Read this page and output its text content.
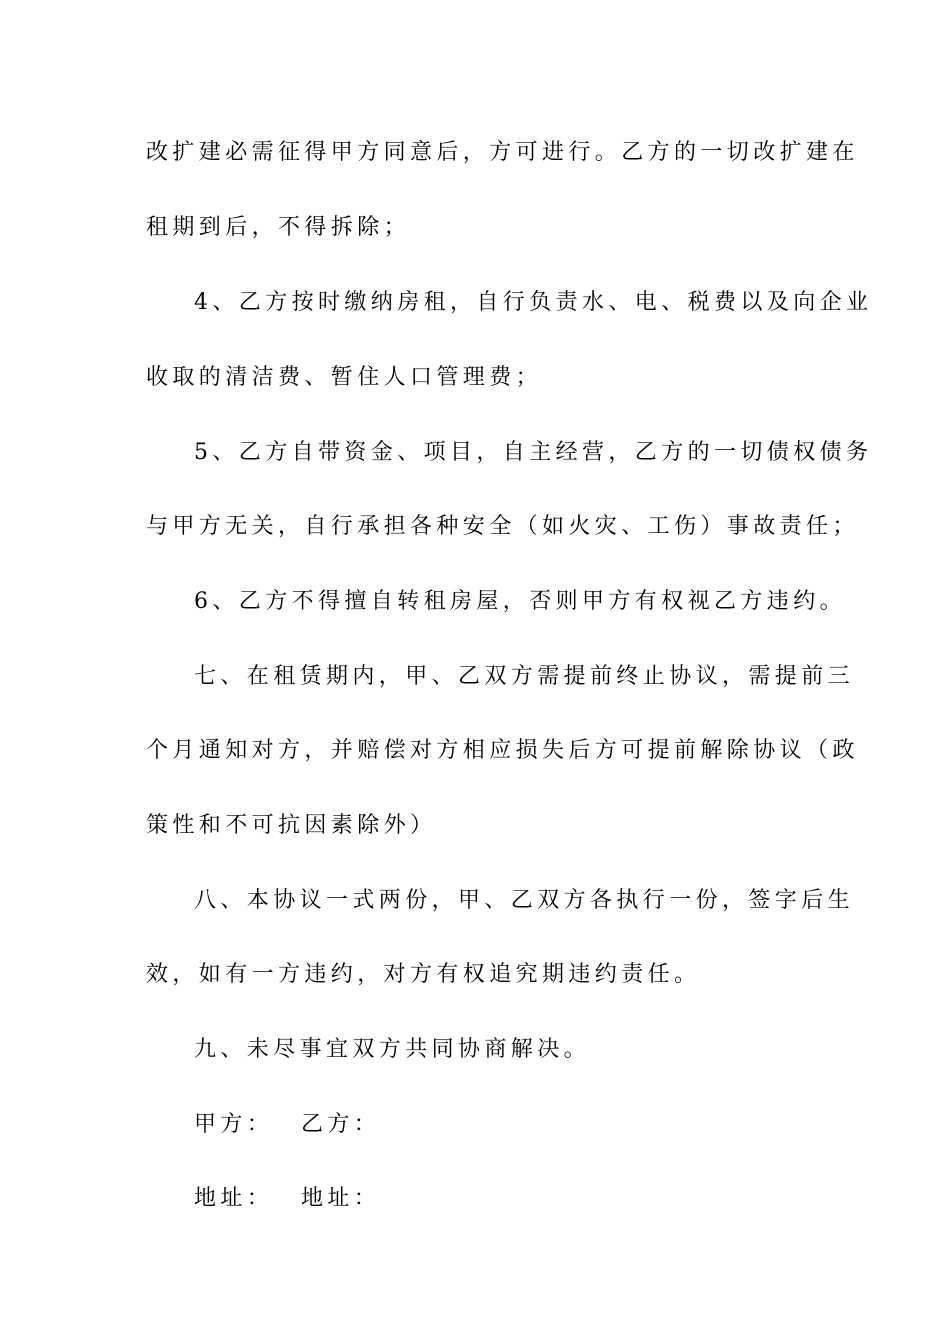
改扩建必需征得甲方同意后，方可进行。乙方的一切改扩建在
租期到后，不得拆除；
4、乙方按时缴纳房租，自行负责水、电、税费以及向企业
收取的清洁费、暂住人口管理费；
5、乙方自带资金、项目，自主经营，乙方的一切债权债务
与甲方无关，自行承担各种安全（如火灾、工伤）事故责任；
6、乙方不得擅自转租房屋，否则甲方有权视乙方违约。
七、在租赁期内，甲、乙双方需提前终止协议，需提前三
个月通知对方，并赔偿对方相应损失后方可提前解除协议（政
策性和不可抗因素除外）
八、本协议一式两份，甲、乙双方各执行一份，签字后生
效，如有一方违约，对方有权追究期违约责任。
九、未尽事宜双方共同协商解决。
甲方： 乙方：
地址： 地址：
